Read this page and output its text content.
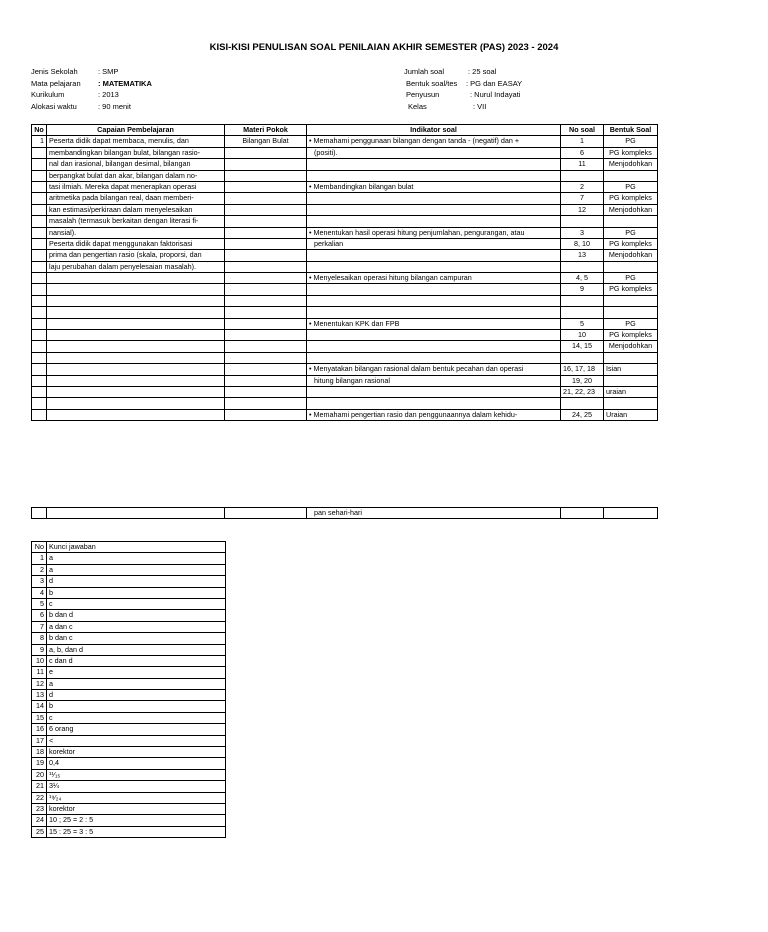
KISI-KISI PENULISAN SOAL PENILAIAN AKHIR SEMESTER (PAS) 2023 - 2024
Jenis Sekolah	: SMP
Mata pelajaran : MATEMATIKA
Kurikulum	: 2013
Alokasi waktu	: 90 menit
Jumlah soal	: 25 soal
Bentuk soal/tes : PG dan EASAY
Penyusun	: Nurul Indayati
Kelas	: VII
No	Capaian Pembelajaran	Materi Pokok	Indikator soal	No soal	Bentuk Soal
1	Peserta didik dapat membaca, menulis, dan	Bilangan Bulat	• Memahami penggunaan bilangan dengan tanda - (negatif) dan +	1	PG
	membandingkan bilangan bulat, bilangan rasio-		(positi).	6	PG kompleks
	nal dan irasional, bilangan desimal, bilangan			11	Menjodohkan
	berpangkat bulat dan akar, bilangan dalam no-				
	tasi ilmiah. Mereka dapat menerapkan operasi		• Membandingkan bilangan bulat	2	PG
	aritmetika pada bilangan real, daan memberi-			7	PG kompleks
	kan estimasi/perkiraan dalam menyelesaikan			12	Menjodohkan
	masalah (termasuk berkaitan dengan literasi fi-				
	nansial).		• Menentukan hasil operasi hitung penjumlahan, pengurangan, atau	3	PG
	Peserta didik dapat menggunakan faktorisasi		perkalian	8, 10	PG kompleks
	prima dan pengertian rasio (skala, proporsi, dan			13	Menjodohkan
	laju perubahan dalam penyelesaian masalah).				
			• Menyelesaikan operasi hitung bilangan campuran	4, 5	PG
				9	PG kompleks

			• Menentukan KPK dan FPB	5	PG
				10	PG kompleks
				14, 15	Menjodohkan

			• Menyatakan bilangan rasional dalam bentuk pecahan dan operasi	16, 17, 18	Isian
			hitung bilangan rasional	19, 20	
				21, 22, 23	uraian

			• Memahami pengertian rasio dan penggunaannya dalam kehidu-	24, 25	Uraian
			pan sehari-hari		
No	Kunci jawaban
1	a
2	a
3	d
4	b
5	c
6	b dan d
7	a dan c
8	b dan c
9	a, b, dan d
10	c dan d
11	e
12	a
13	d
14	b
15	c
16	6 orang
17	<
18	korektor
19	0,4
20	¹¹⁄₁₅
21	3¼
22	¹⁹⁄₂₄
23	korektor
24	10 ; 25 = 2 : 5
25	15 : 25 = 3 : 5
